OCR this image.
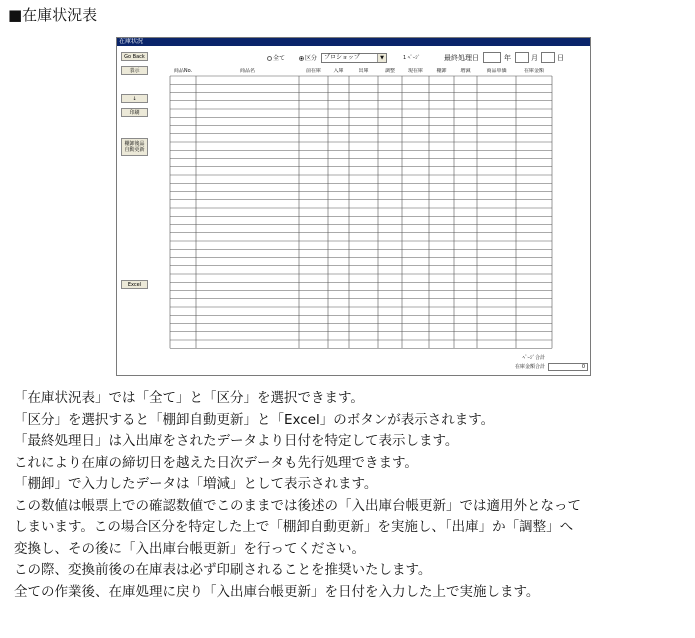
■在庫状況表
在庫状況
Go Back
表示
↓
印刷
棚卸後品
自動更新
Excel
全て	区分	プロショップ	▼	1 ﾍﾟｰｼﾞ	最終処理日	年	月	日
商品No.	商品名	前在庫	入庫	出庫	調整	現在庫	棚卸	増減	商品単価	在庫金額
ﾍﾟｰｼﾞ合計
在庫金額合計	0

「在庫状況表」では「全て」と「区分」を選択できます。

「区分」を選択すると「棚卸自動更新」と「Excel」のボタンが表示されます。

「最終処理日」は入出庫をされたデータより日付を特定して表示します。

これにより在庫の締切日を越えた日次データも先行処理できます。

「棚卸」で入力したデータは「増減」として表示されます。

この数値は帳票上での確認数値でこのままでは後述の「入出庫台帳更新」では適用外となって

しまいます。この場合区分を特定した上で「棚卸自動更新」を実施し、「出庫」か「調整」へ

変換し、その後に「入出庫台帳更新」を行ってください。

この際、変換前後の在庫表は必ず印刷されることを推奨いたします。

全ての作業後、在庫処理に戻り「入出庫台帳更新」を日付を入力した上で実施します。
